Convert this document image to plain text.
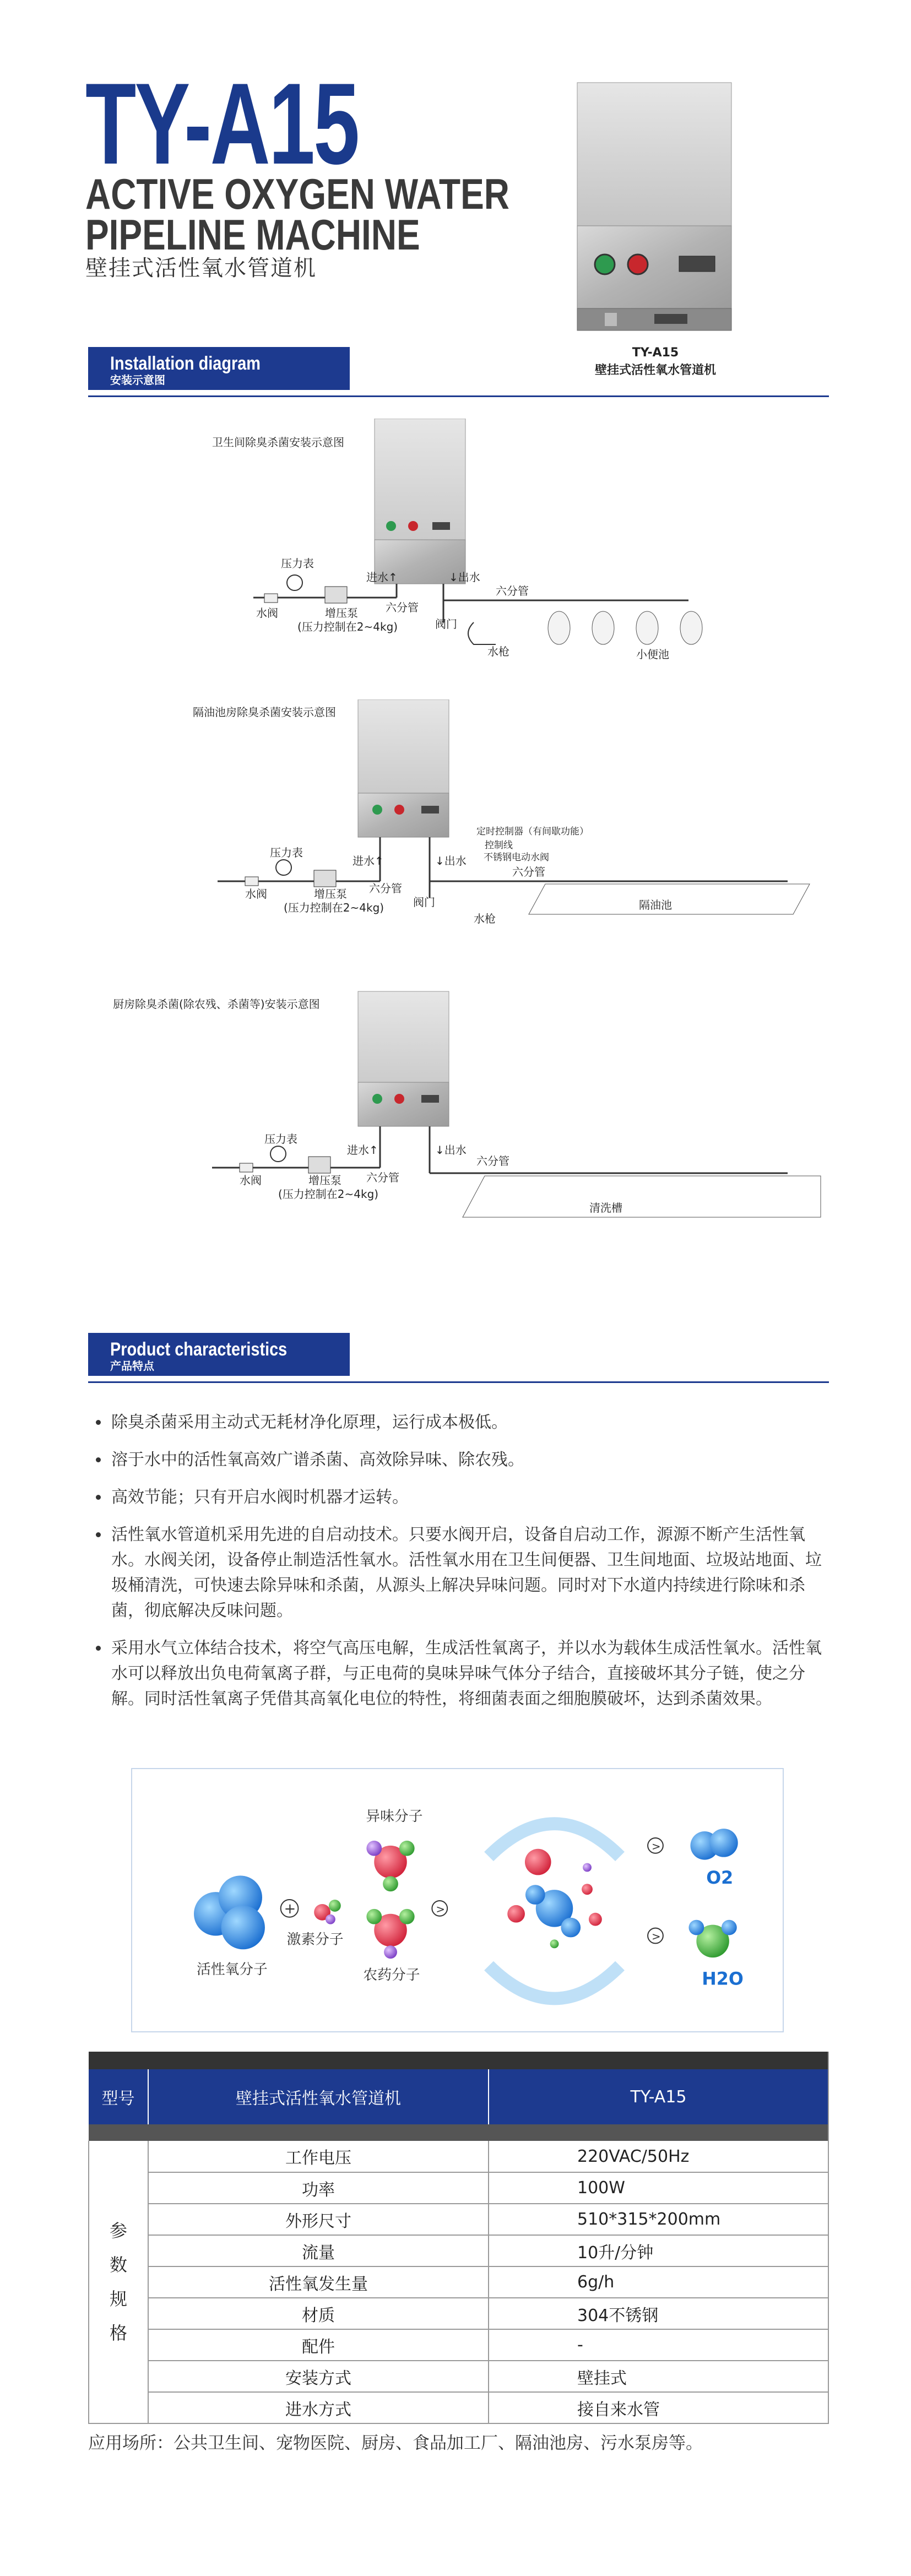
TY-A15
ACTIVE OXYGEN WATER
PIPELINE MACHINE
壁挂式活性氧水管道机
TY-A15
壁挂式活性氧水管道机
Installation diagram
安装示意图
卫生间除臭杀菌安装示意图
压力表
水阀	增压泵
(压力控制在2~4kg)
进水↑
六分管
↓出水
六分管
阀门
水枪	小便池
隔油池房除臭杀菌安装示意图
隔油池
定时控制器（有间歇功能）
控制线
不锈钢电动水阀
压力表
水阀	增压泵
(压力控制在2~4kg)
进水↑
六分管
↓出水
六分管
阀门
水枪
厨房除臭杀菌(除农残、杀菌等)安装示意图
清洗槽
压力表
水阀	增压泵
(压力控制在2~4kg)
进水↑
六分管
↓出水
六分管
Product characteristics
产品特点
除臭杀菌采用主动式无耗材净化原理，运行成本极低。
溶于水中的活性氧高效广谱杀菌、高效除异味、除农残。
高效节能；只有开启水阀时机器才运转。
活性氧水管道机采用先进的自启动技术。只要水阀开启，设备自启动工作，源源不断产生活性氧水。水阀关闭，设备停止制造活性氧水。活性氧水用在卫生间便器、卫生间地面、垃圾站地面、垃圾桶清洗，可快速去除异味和杀菌，从源头上解决异味问题。同时对下水道内持续进行除味和杀菌，彻底解决反味问题。
采用水气立体结合技术，将空气高压电解，生成活性氧离子，并以水为载体生成活性氧水。活性氧水可以释放出负电荷氧离子群，与正电荷的臭味异味气体分子结合，直接破坏其分子链，使之分解。同时活性氧离子凭借其高氧化电位的特性，将细菌表面之细胞膜破坏，达到杀菌效果。
活性氧分子
+
激素分子
异味分子
农药分子
>
>
>
O2
H2O

型号	壁挂式活性氧水管道机	TY-A15

参数规格	工作电压	220VAC/50Hz
	功率	100W
	外形尺寸	510*315*200mm
	流量	10升/分钟
	活性氧发生量	6g/h
	材质	304不锈钢
	配件	-
	安装方式	壁挂式
	进水方式	接自来水管
应用场所：公共卫生间、宠物医院、厨房、食品加工厂、隔油池房、污水泵房等。
